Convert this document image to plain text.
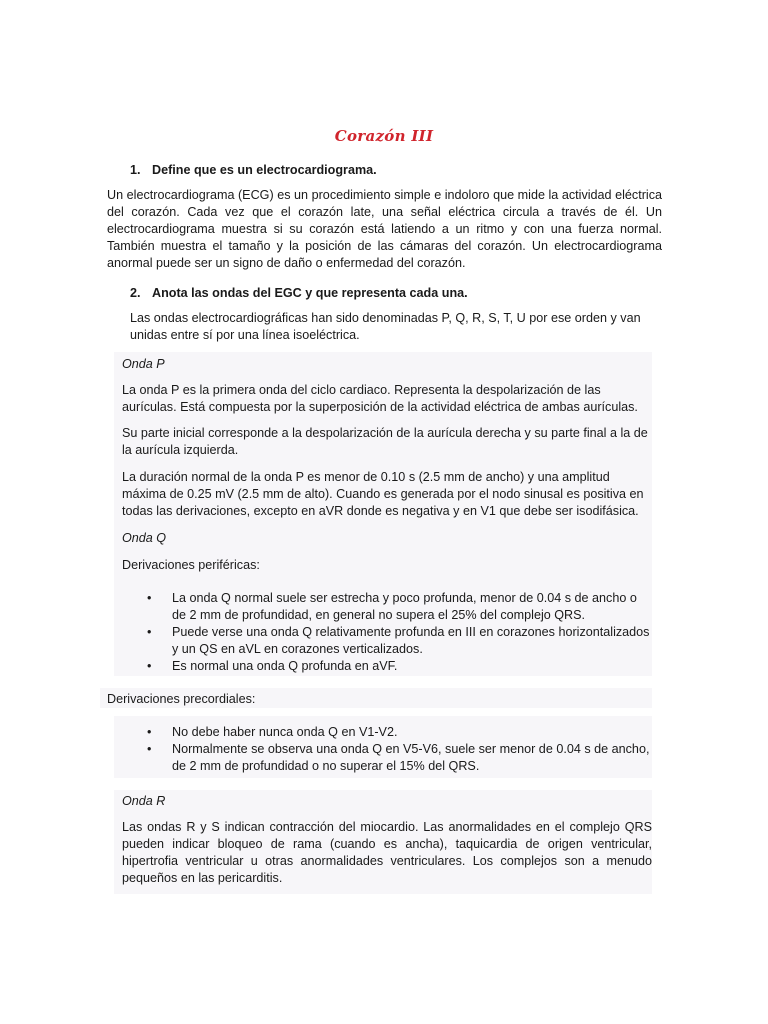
Corazón III
1. Define que es un electrocardiograma.

Un electrocardiograma (ECG) es un procedimiento simple e indoloro que mide la actividad eléctrica del corazón. Cada vez que el corazón late, una señal eléctrica circula a través de él. Un electrocardiograma muestra si su corazón está latiendo a un ritmo y con una fuerza normal. También muestra el tamaño y la posición de las cámaras del corazón. Un electrocardiograma anormal puede ser un signo de daño o enfermedad del corazón.

2. Anota las ondas del EGC y que representa cada una.

Las ondas electrocardiográficas han sido denominadas P, Q, R, S, T, U por ese orden y van unidas entre sí por una línea isoeléctrica.

Onda P

La onda P es la primera onda del ciclo cardiaco. Representa la despolarización de las aurículas. Está compuesta por la superposición de la actividad eléctrica de ambas aurículas.

Su parte inicial corresponde a la despolarización de la aurícula derecha y su parte final a la de la aurícula izquierda.

La duración normal de la onda P es menor de 0.10 s (2.5 mm de ancho) y una amplitud máxima de 0.25 mV (2.5 mm de alto). Cuando es generada por el nodo sinusal es positiva en todas las derivaciones, excepto en aVR donde es negativa y en V1 que debe ser isodifásica.

Onda Q
Derivaciones periféricas:
• La onda Q normal suele ser estrecha y poco profunda, menor de 0.04 s de ancho o de 2 mm de profundidad, en general no supera el 25% del complejo QRS.
• Puede verse una onda Q relativamente profunda en III en corazones horizontalizados y un QS en aVL en corazones verticalizados.
• Es normal una onda Q profunda en aVF.
Derivaciones precordiales:
• No debe haber nunca onda Q en V1-V2.
• Normalmente se observa una onda Q en V5-V6, suele ser menor de 0.04 s de ancho, de 2 mm de profundidad o no superar el 15% del QRS.
Onda R

Las ondas R y S indican contracción del miocardio. Las anormalidades en el complejo QRS pueden indicar bloqueo de rama (cuando es ancha), taquicardia de origen ventricular, hipertrofia ventricular u otras anormalidades ventriculares. Los complejos son a menudo pequeños en las pericarditis.
